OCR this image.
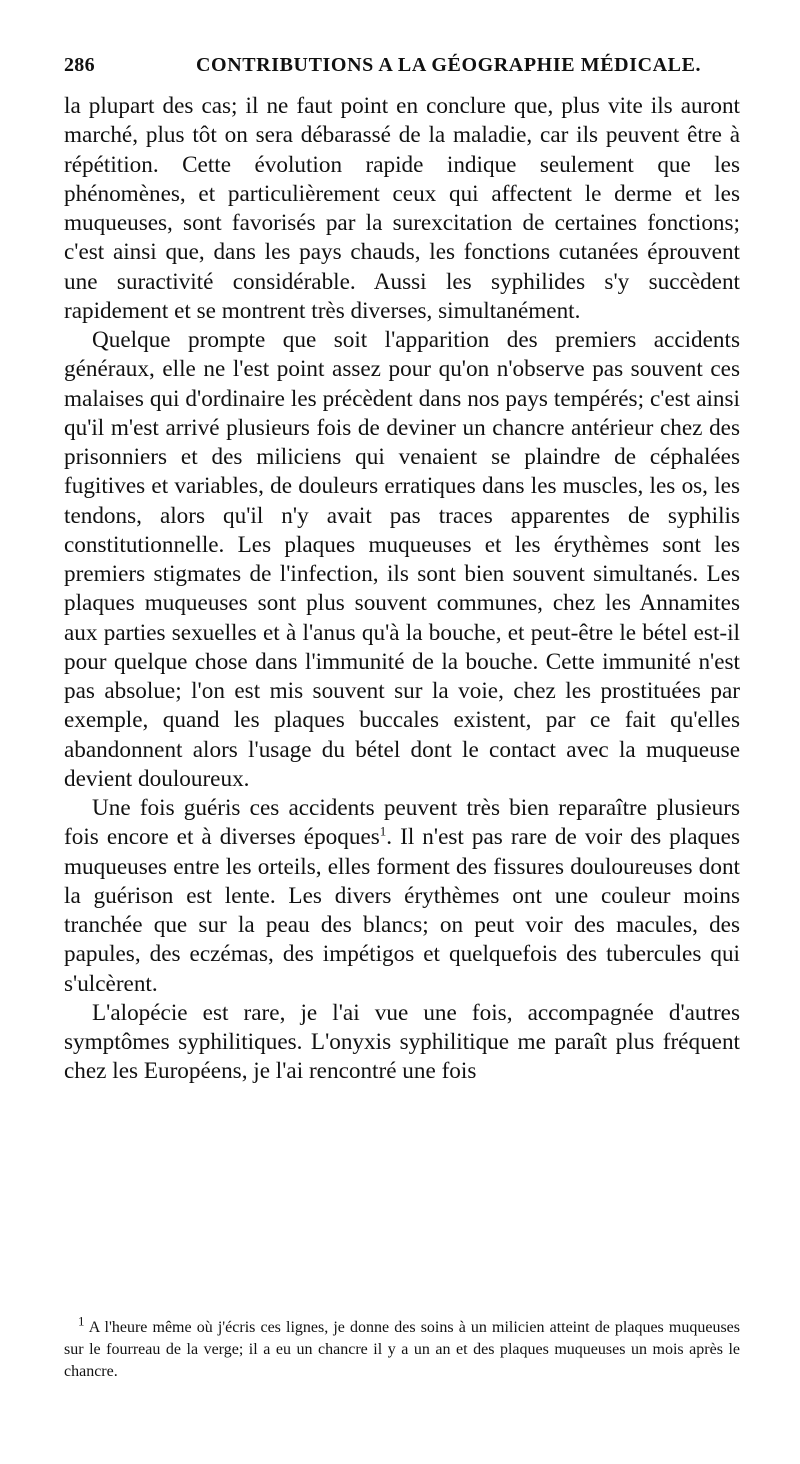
286	CONTRIBUTIONS A LA GÉOGRAPHIE MÉDICALE.

la plupart des cas; il ne faut point en conclure que, plus vite ils auront marché, plus tôt on sera débarassé de la maladie, car ils peuvent être à répétition. Cette évolution rapide indique seulement que les phénomènes, et particulièrement ceux qui affectent le derme et les muqueuses, sont favorisés par la surexcitation de certaines fonctions; c'est ainsi que, dans les pays chauds, les fonctions cutanées éprouvent une suractivité considérable. Aussi les syphilides s'y succèdent rapidement et se montrent très diverses, simultanément.

Quelque prompte que soit l'apparition des premiers accidents généraux, elle ne l'est point assez pour qu'on n'observe pas souvent ces malaises qui d'ordinaire les précèdent dans nos pays tempérés; c'est ainsi qu'il m'est arrivé plusieurs fois de deviner un chancre antérieur chez des prisonniers et des miliciens qui venaient se plaindre de céphalées fugitives et variables, de douleurs erratiques dans les muscles, les os, les tendons, alors qu'il n'y avait pas traces apparentes de syphilis constitutionnelle. Les plaques muqueuses et les érythèmes sont les premiers stigmates de l'infection, ils sont bien souvent simultanés. Les plaques muqueuses sont plus souvent communes, chez les Annamites aux parties sexuelles et à l'anus qu'à la bouche, et peut-être le bétel est-il pour quelque chose dans l'immunité de la bouche. Cette immunité n'est pas absolue; l'on est mis souvent sur la voie, chez les prostituées par exemple, quand les plaques buccales existent, par ce fait qu'elles abandonnent alors l'usage du bétel dont le contact avec la muqueuse devient douloureux.

Une fois guéris ces accidents peuvent très bien reparaître plusieurs fois encore et à diverses époques$^1$. Il n'est pas rare de voir des plaques muqueuses entre les orteils, elles forment des fissures douloureuses dont la guérison est lente. Les divers érythèmes ont une couleur moins tranchée que sur la peau des blancs; on peut voir des macules, des papules, des eczémas, des impétigos et quelquefois des tubercules qui s'ulcèrent.

L'alopécie est rare, je l'ai vue une fois, accompagnée d'autres symptômes syphilitiques. L'onyxis syphilitique me paraît plus fréquent chez les Européens, je l'ai rencontré une fois

$^1$ A l'heure même où j'écris ces lignes, je donne des soins à un milicien atteint de plaques muqueuses sur le fourreau de la verge; il a eu un chancre il y a un an et des plaques muqueuses un mois après le chancre.
